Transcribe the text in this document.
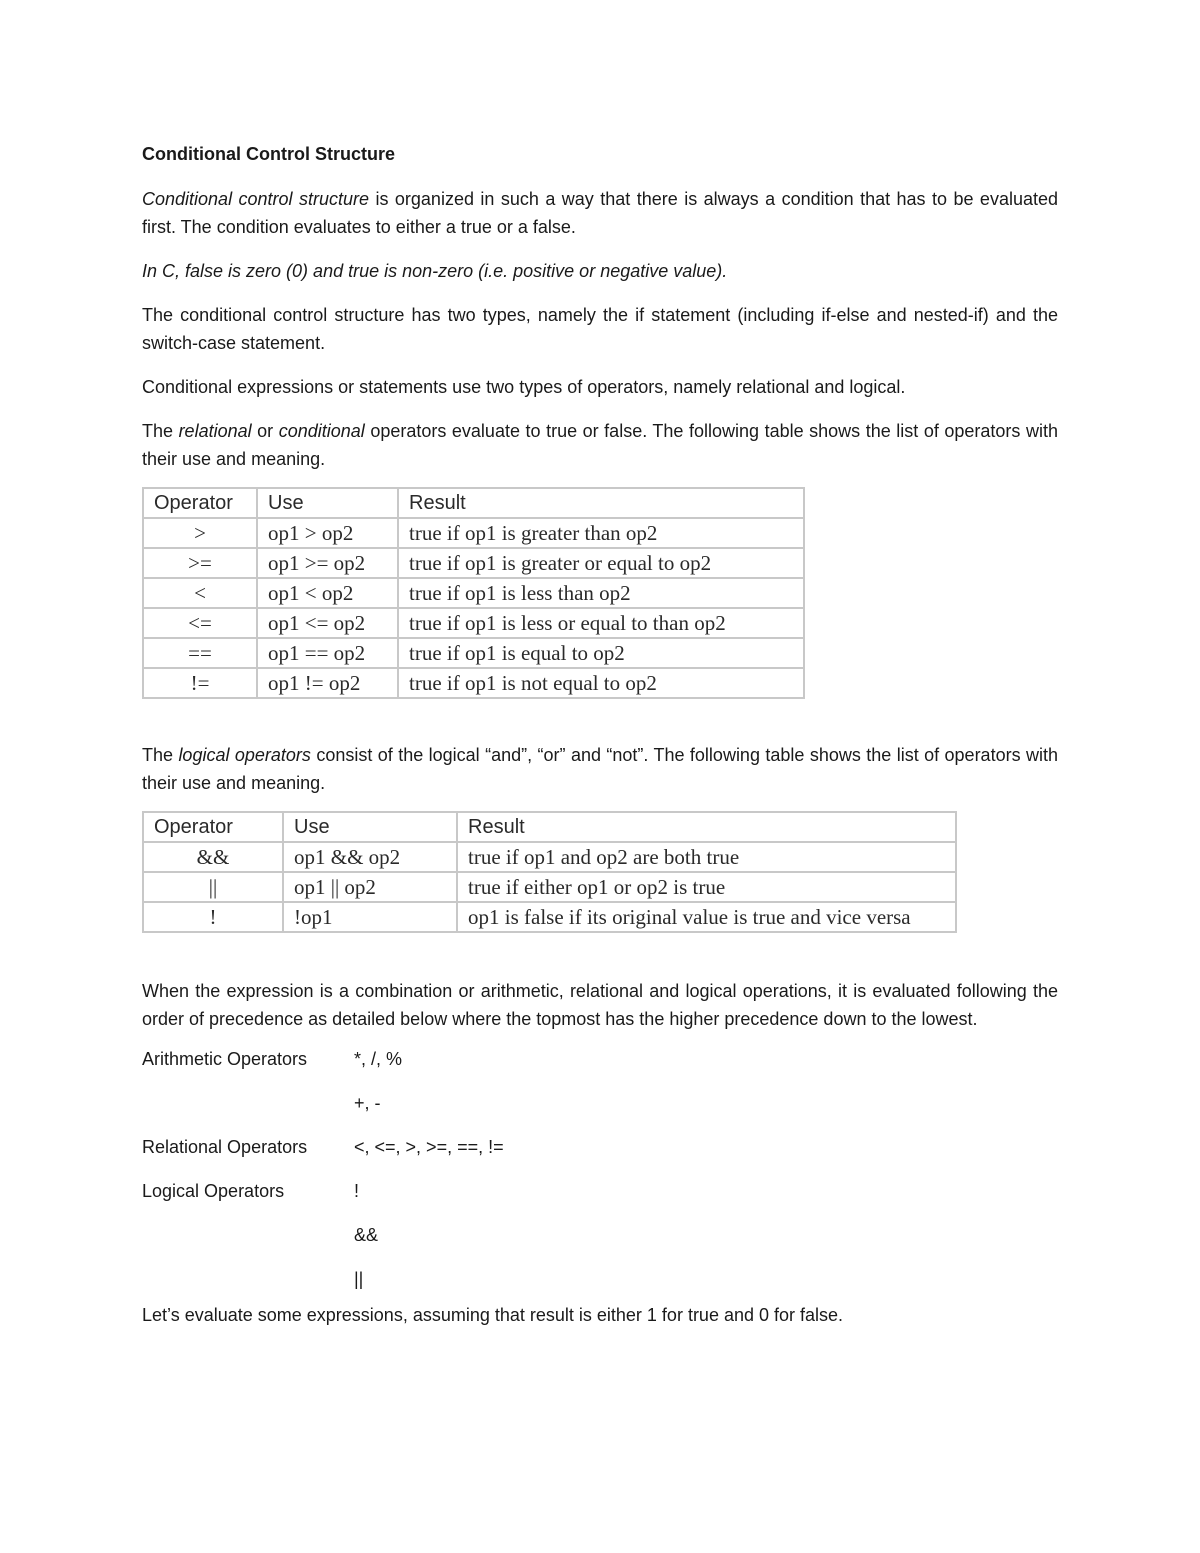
Conditional Control Structure

Conditional control structure is organized in such a way that there is always a condition that has to be evaluated first. The condition evaluates to either a true or a false.

In C, false is zero (0) and true is non-zero (i.e. positive or negative value).

The conditional control structure has two types, namely the if statement (including if-else and nested-if) and the switch-case statement.

Conditional expressions or statements use two types of operators, namely relational and logical.

The relational or conditional operators evaluate to true or false. The following table shows the list of operators with their use and meaning.

Operator	Use	Result
>	op1 > op2	true if op1 is greater than op2
>=	op1 >= op2	true if op1 is greater or equal to op2
<	op1 < op2	true if op1 is less than op2
<=	op1 <= op2	true if op1 is less or equal to than op2
==	op1 == op2	true if op1 is equal to op2
!=	op1 != op2	true if op1 is not equal to op2

The logical operators consist of the logical “and”, “or” and “not”. The following table shows the list of operators with their use and meaning.

Operator	Use	Result
&&	op1 && op2	true if op1 and op2 are both true
||	op1 || op2	true if either op1 or op2 is true
!	!op1	op1 is false if its original value is true and vice versa

When the expression is a combination or arithmetic, relational and logical operations, it is evaluated following the order of precedence as detailed below where the topmost has the higher precedence down to the lowest.

Arithmetic Operators	*, /, %
+, -
Relational Operators	<, <=, >, >=, ==, !=
Logical Operators	!
&&
||

Let’s evaluate some expressions, assuming that result is either 1 for true and 0 for false.
